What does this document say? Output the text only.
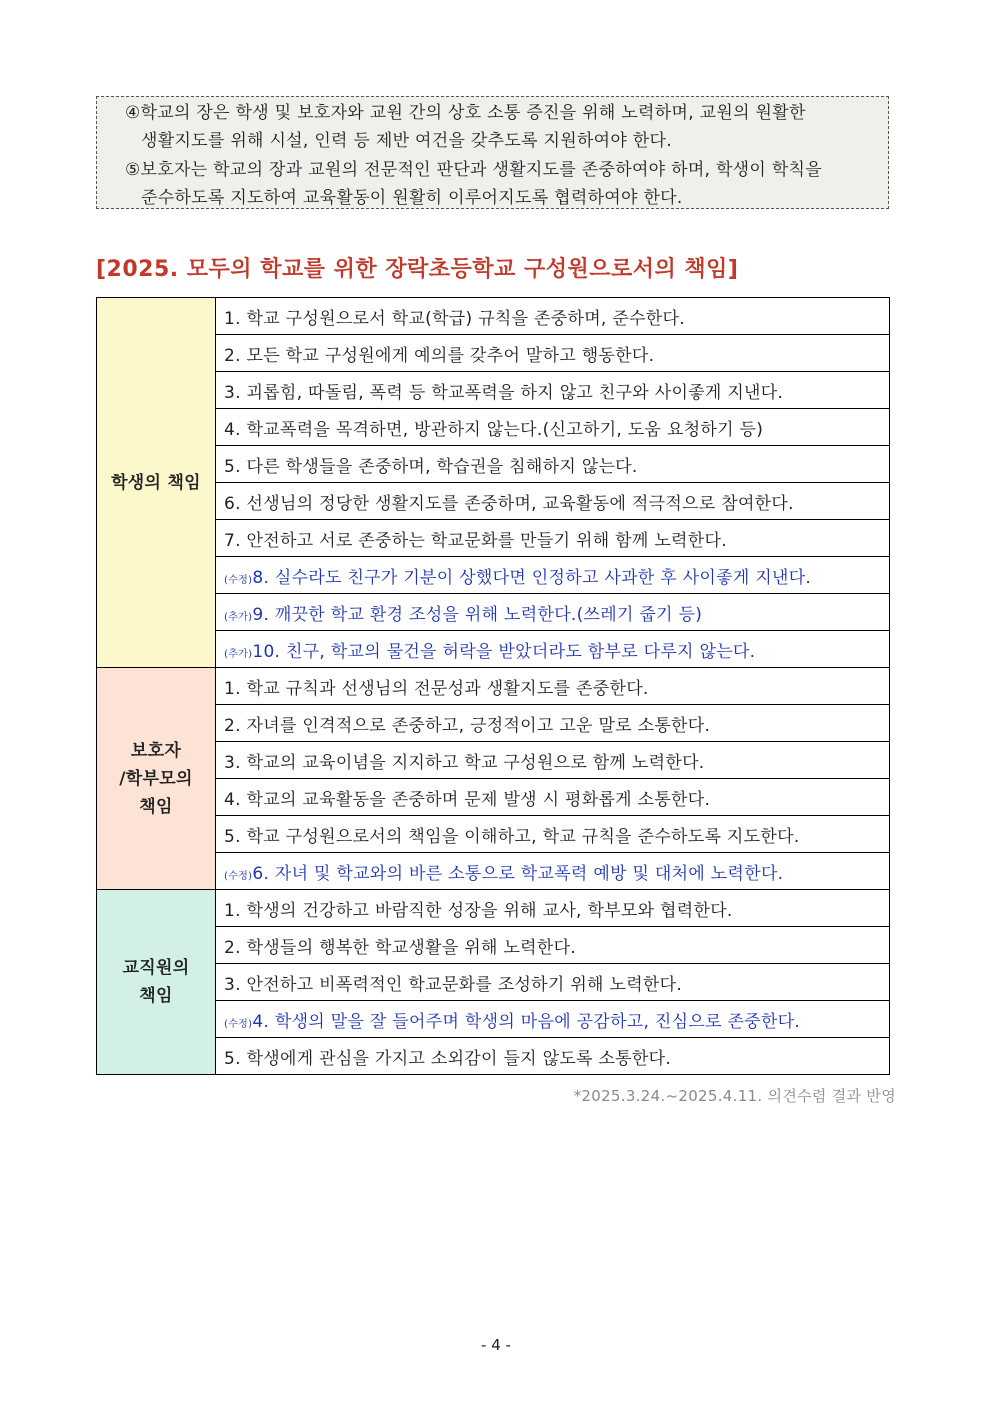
④학교의 장은 학생 및 보호자와 교원 간의 상호 소통 증진을 위해 노력하며, 교원의 원활한
생활지도를 위해 시설, 인력 등 제반 여건을 갖추도록 지원하여야 한다.
⑤보호자는 학교의 장과 교원의 전문적인 판단과 생활지도를 존중하여야 하며, 학생이 학칙을
준수하도록 지도하여 교육활동이 원활히 이루어지도록 협력하여야 한다.
[2025. 모두의 학교를 위한 장락초등학교 구성원으로서의 책임]
학생의 책임	1. 학교 구성원으로서 학교(학급) 규칙을 존중하며, 준수한다.
	2. 모든 학교 구성원에게 예의를 갖추어 말하고 행동한다.
	3. 괴롭힘, 따돌림, 폭력 등 학교폭력을 하지 않고 친구와 사이좋게 지낸다.
	4. 학교폭력을 목격하면, 방관하지 않는다.(신고하기, 도움 요청하기 등)
	5. 다른 학생들을 존중하며, 학습권을 침해하지 않는다.
	6. 선생님의 정당한 생활지도를 존중하며, 교육활동에 적극적으로 참여한다.
	7. 안전하고 서로 존중하는 학교문화를 만들기 위해 함께 노력한다.
	(수정)8. 실수라도 친구가 기분이 상했다면 인정하고 사과한 후 사이좋게 지낸다.
	(추가)9. 깨끗한 학교 환경 조성을 위해 노력한다.(쓰레기 줍기 등)
	(추가)10. 친구, 학교의 물건을 허락을 받았더라도 함부로 다루지 않는다.

보호자
/학부모의
책임	1. 학교 규칙과 선생님의 전문성과 생활지도를 존중한다.
	2. 자녀를 인격적으로 존중하고, 긍정적이고 고운 말로 소통한다.
	3. 학교의 교육이념을 지지하고 학교 구성원으로 함께 노력한다.
	4. 학교의 교육활동을 존중하며 문제 발생 시 평화롭게 소통한다.
	5. 학교 구성원으로서의 책임을 이해하고, 학교 규칙을 준수하도록 지도한다.
	(수정)6. 자녀 및 학교와의 바른 소통으로 학교폭력 예방 및 대처에 노력한다.

교직원의
책임	1. 학생의 건강하고 바람직한 성장을 위해 교사, 학부모와 협력한다.
	2. 학생들의 행복한 학교생활을 위해 노력한다.
	3. 안전하고 비폭력적인 학교문화를 조성하기 위해 노력한다.
	(수정)4. 학생의 말을 잘 들어주며 학생의 마음에 공감하고, 진심으로 존중한다.
	5. 학생에게 관심을 가지고 소외감이 들지 않도록 소통한다.
*2025.3.24.~2025.4.11. 의견수렴 결과 반영
- 4 -
